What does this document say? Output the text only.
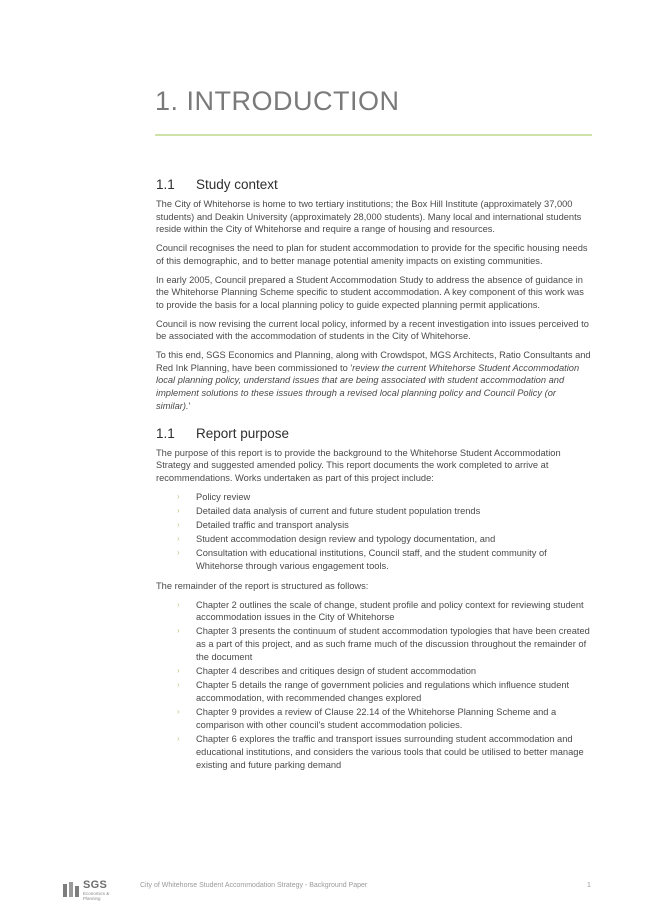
1. INTRODUCTION
1.1 Study context

The City of Whitehorse is home to two tertiary institutions; the Box Hill Institute (approximately 37,000 students) and Deakin University (approximately 28,000 students). Many local and international students reside within the City of Whitehorse and require a range of housing and resources.

Council recognises the need to plan for student accommodation to provide for the specific housing needs of this demographic, and to better manage potential amenity impacts on existing communities.

In early 2005, Council prepared a Student Accommodation Study to address the absence of guidance in the Whitehorse Planning Scheme specific to student accommodation. A key component of this work was to provide the basis for a local planning policy to guide expected planning permit applications.

Council is now revising the current local policy, informed by a recent investigation into issues perceived to be associated with the accommodation of students in the City of Whitehorse.

To this end, SGS Economics and Planning, along with Crowdspot, MGS Architects, Ratio Consultants and Red Ink Planning, have been commissioned to 'review the current Whitehorse Student Accommodation local planning policy, understand issues that are being associated with student accommodation and implement solutions to these issues through a revised local planning policy and Council Policy (or similar).'

1.1 Report purpose

The purpose of this report is to provide the background to the Whitehorse Student Accommodation Strategy and suggested amended policy. This report documents the work completed to arrive at recommendations. Works undertaken as part of this project include:

› Policy review
› Detailed data analysis of current and future student population trends
› Detailed traffic and transport analysis
› Student accommodation design review and typology documentation, and
› Consultation with educational institutions, Council staff, and the student community of Whitehorse through various engagement tools.

The remainder of the report is structured as follows:

› Chapter 2 outlines the scale of change, student profile and policy context for reviewing student accommodation issues in the City of Whitehorse
› Chapter 3 presents the continuum of student accommodation typologies that have been created as a part of this project, and as such frame much of the discussion throughout the remainder of the document
› Chapter 4 describes and critiques design of student accommodation
› Chapter 5 details the range of government policies and regulations which influence student accommodation, with recommended changes explored
› Chapter 9 provides a review of Clause 22.14 of the Whitehorse Planning Scheme and a comparison with other council's student accommodation policies.
› Chapter 6 explores the traffic and transport issues surrounding student accommodation and educational institutions, and considers the various tools that could be utilised to better manage existing and future parking demand
SGS
Economics & Planning
City of Whitehorse Student Accommodation Strategy - Background Paper	1
